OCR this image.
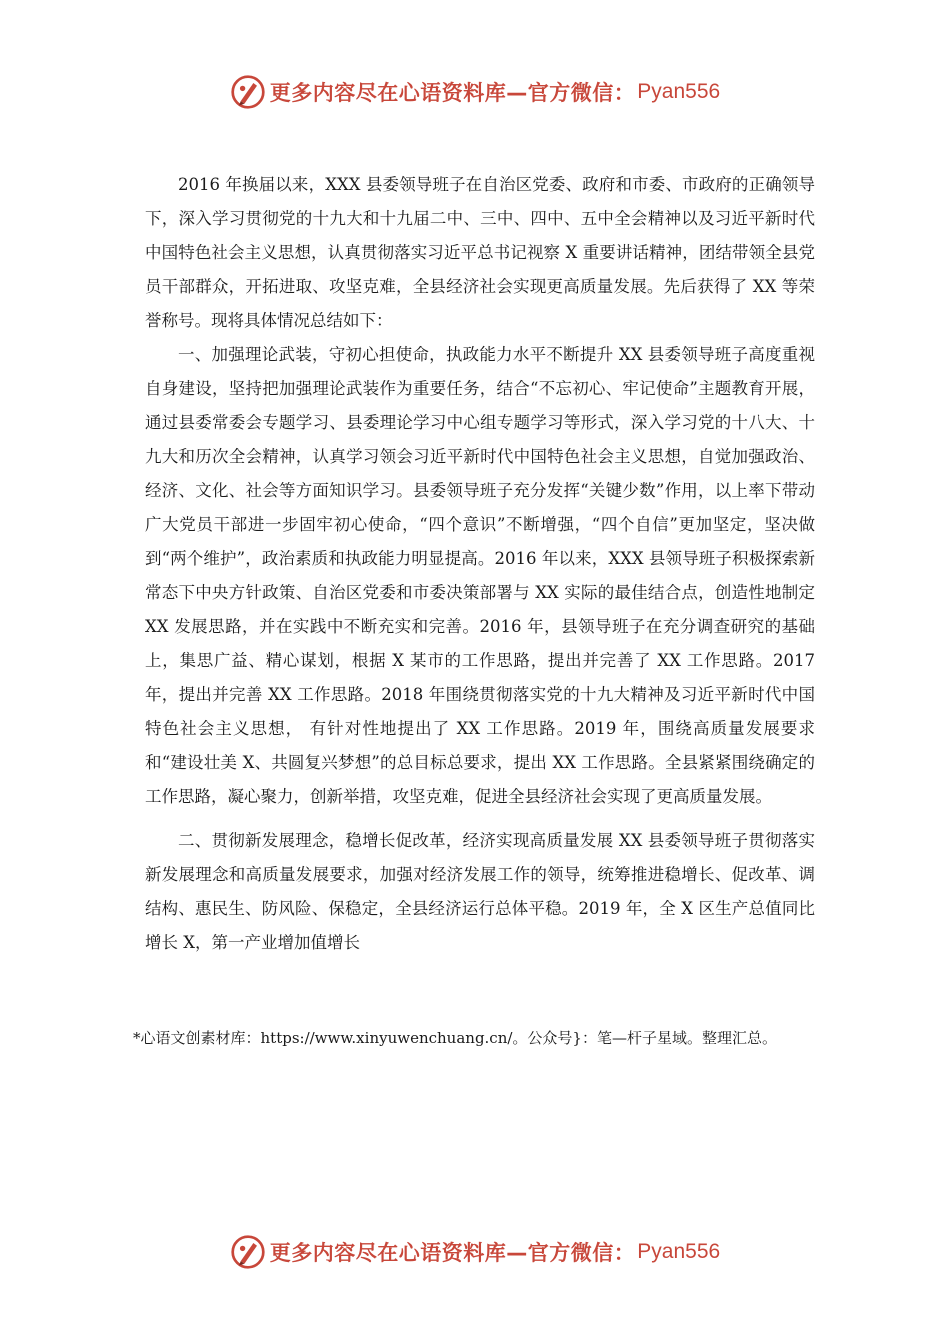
更多内容尽在心语资料库—官方微信： Pyan556

2016 年换届以来，XXX 县委领导班子在自治区党委、政府和市委、市政府的正确领导下，深入学习贯彻党的十九大和十九届二中、三中、四中、五中全会精神以及习近平新时代中国特色社会主义思想，认真贯彻落实习近平总书记视察 X 重要讲话精神，团结带领全县党员干部群众，开拓进取、攻坚克难，全县经济社会实现更高质量发展。先后获得了 XX 等荣誉称号。现将具体情况总结如下：

一、加强理论武装，守初心担使命，执政能力水平不断提升 XX 县委领导班子高度重视自身建设，坚持把加强理论武装作为重要任务，结合“不忘初心、牢记使命”主题教育开展，通过县委常委会专题学习、县委理论学习中心组专题学习等形式，深入学习党的十八大、十九大和历次全会精神，认真学习领会习近平新时代中国特色社会主义思想，自觉加强政治、经济、文化、社会等方面知识学习。县委领导班子充分发挥“关键少数”作用，以上率下带动广大党员干部进一步固牢初心使命，“四个意识”不断增强，“四个自信”更加坚定，坚决做到“两个维护”，政治素质和执政能力明显提高。2016 年以来，XXX 县领导班子积极探索新常态下中央方针政策、自治区党委和市委决策部署与 XX 实际的最佳结合点，创造性地制定 XX 发展思路，并在实践中不断充实和完善。2016 年，县领导班子在充分调查研究的基础上，集思广益、精心谋划，根据 X 某市的工作思路，提出并完善了 XX 工作思路。2017 年，提出并完善 XX 工作思路。2018 年围绕贯彻落实党的十九大精神及习近平新时代中国特色社会主义思想， 有针对性地提出了 XX 工作思路。2019 年，围绕高质量发展要求和“建设壮美 X、共圆复兴梦想”的总目标总要求，提出 XX 工作思路。全县紧紧围绕确定的工作思路，凝心聚力，创新举措，攻坚克难，促进全县经济社会实现了更高质量发展。

二、贯彻新发展理念，稳增长促改革，经济实现高质量发展 XX 县委领导班子贯彻落实新发展理念和高质量发展要求，加强对经济发展工作的领导，统筹推进稳增长、促改革、调结构、惠民生、防风险、保稳定，全县经济运行总体平稳。2019 年，全 X 区生产总值同比增长 X，第一产业增加值增长

*心语文创素材库：https://www.xinyuwenchuang.cn/。公众号}：笔—杆子星域。整理汇总。
更多内容尽在心语资料库—官方微信： Pyan556
